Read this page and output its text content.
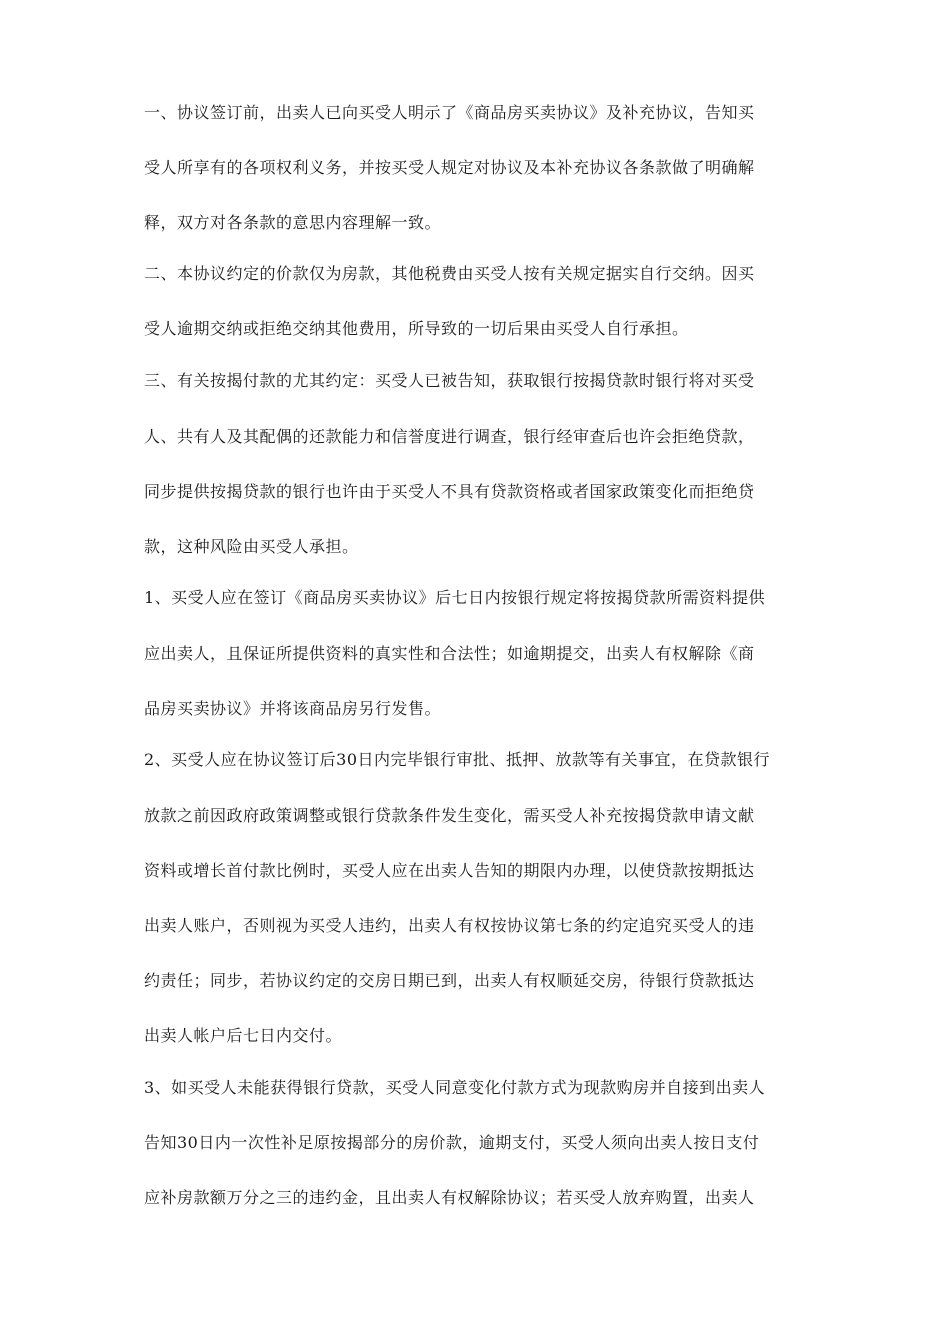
一、协议签订前，出卖人已向买受人明示了《商品房买卖协议》及补充协议，告知买
受人所享有的各项权利义务，并按买受人规定对协议及本补充协议各条款做了明确解
释，双方对各条款的意思内容理解一致。
二、本协议约定的价款仅为房款，其他税费由买受人按有关规定据实自行交纳。因买
受人逾期交纳或拒绝交纳其他费用，所导致的一切后果由买受人自行承担。
三、有关按揭付款的尤其约定：买受人已被告知，获取银行按揭贷款时银行将对买受
人、共有人及其配偶的还款能力和信誉度进行调查，银行经审查后也许会拒绝贷款，
同步提供按揭贷款的银行也许由于买受人不具有贷款资格或者国家政策变化而拒绝贷
款，这种风险由买受人承担。
1、买受人应在签订《商品房买卖协议》后七日内按银行规定将按揭贷款所需资料提供
应出卖人，且保证所提供资料的真实性和合法性；如逾期提交，出卖人有权解除《商
品房买卖协议》并将该商品房另行发售。
2、买受人应在协议签订后30日内完毕银行审批、抵押、放款等有关事宜，在贷款银行
放款之前因政府政策调整或银行贷款条件发生变化，需买受人补充按揭贷款申请文献
资料或增长首付款比例时，买受人应在出卖人告知的期限内办理，以使贷款按期抵达
出卖人账户，否则视为买受人违约，出卖人有权按协议第七条的约定追究买受人的违
约责任；同步，若协议约定的交房日期已到，出卖人有权顺延交房，待银行贷款抵达
出卖人帐户后七日内交付。
3、如买受人未能获得银行贷款，买受人同意变化付款方式为现款购房并自接到出卖人
告知30日内一次性补足原按揭部分的房价款，逾期支付，买受人须向出卖人按日支付
应补房款额万分之三的违约金，且出卖人有权解除协议；若买受人放弃购置，出卖人
